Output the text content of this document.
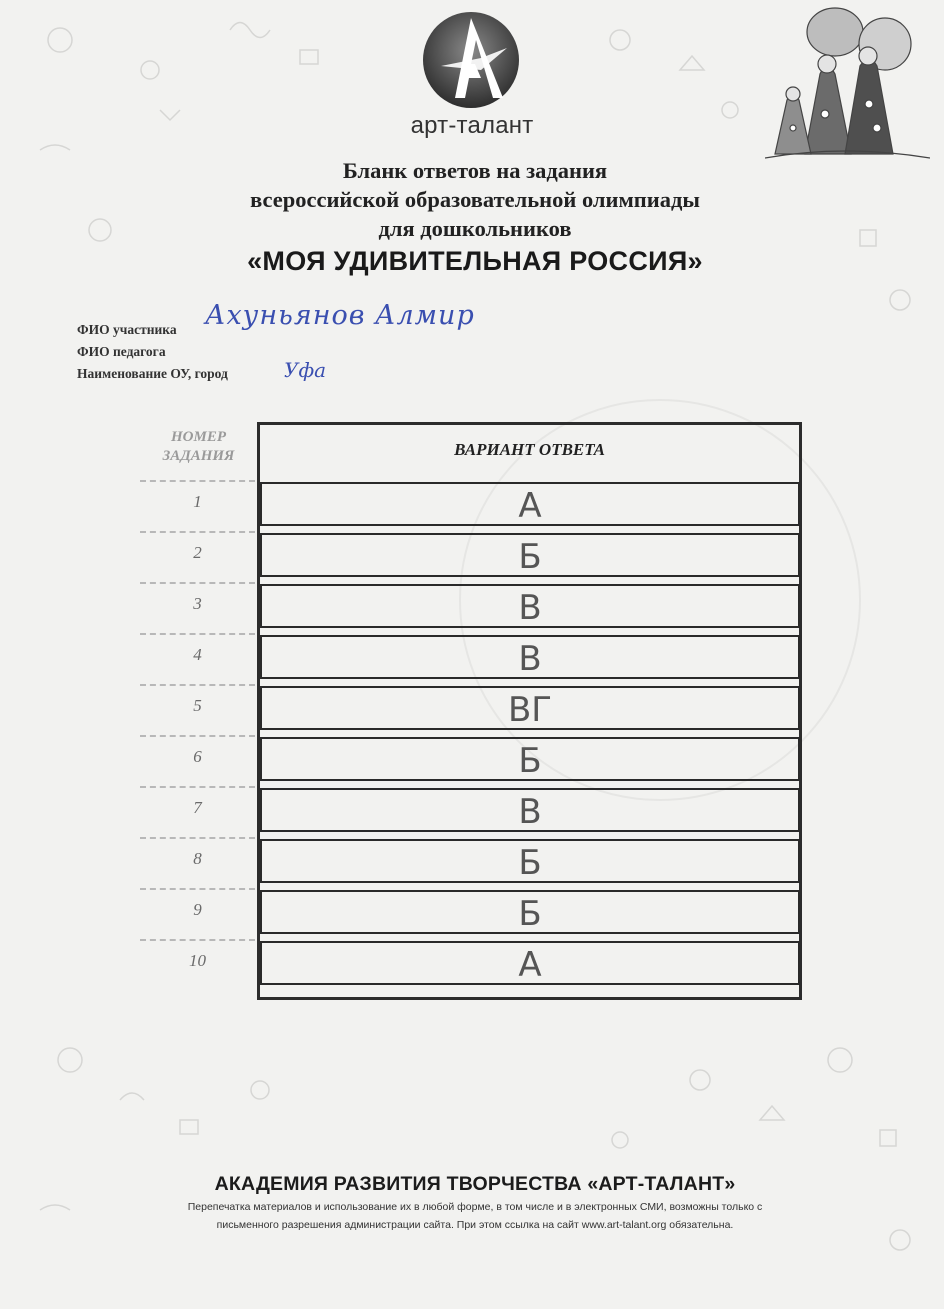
арт-талант
Бланк ответов на задания
всероссийской образовательной олимпиады
для дошкольников
«МОЯ УДИВИТЕЛЬНАЯ РОССИЯ»
ФИО участника Ахуньянов Алмир
ФИО педагога
Наименование ОУ, город	Уфа
НОМЕР ЗАДАНИЯ	ВАРИАНТ ОТВЕТА
1	А
2	Б
3	В
4	В
5	ВГ
6	Б
7	В
8	Б
9	Б
10	А
АКАДЕМИЯ РАЗВИТИЯ ТВОРЧЕСТВА «АРТ-ТАЛАНТ»
Перепечатка материалов и использование их в любой форме, в том числе и в электронных СМИ, возможны только с
письменного разрешения администрации сайта. При этом ссылка на сайт www.art-talant.org обязательна.
